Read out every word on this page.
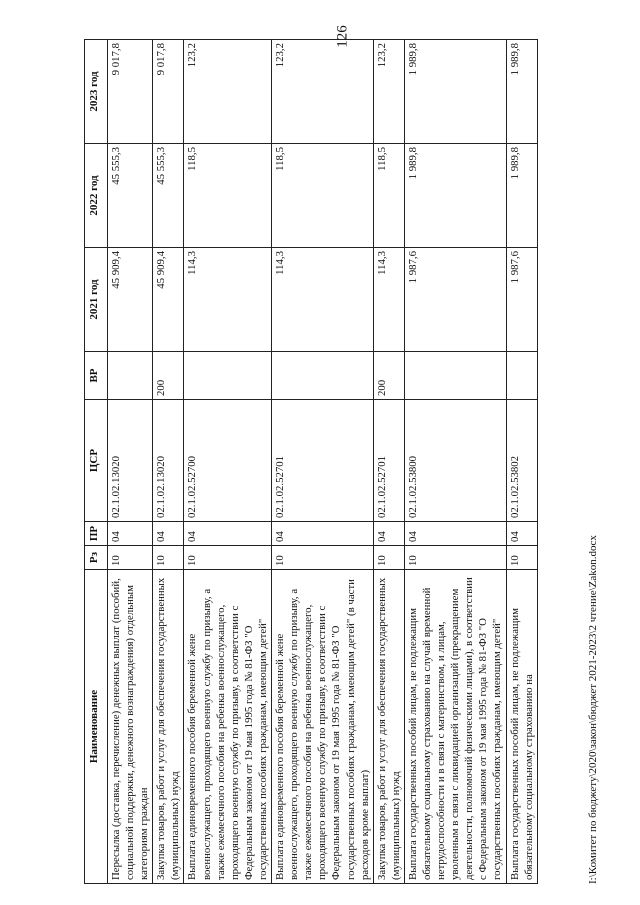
126
Наименование	Рз	ПР	ЦСР	ВР	2021 год	2022 год	2023 год
Пересылка (доставка, перечисление) денежных выплат (пособий, социальной поддержки, денежного вознаграждения) отдельным категориям граждан	10	04	02.1.02.13020		45 909,4	45 555,3	9 017,8
Закупка товаров, работ и услуг для обеспечения государственных (муниципальных) нужд	10	04	02.1.02.13020	200	45 909,4	45 555,3	9 017,8
Выплата единовременного пособия беременной жене военнослужащего, проходящего военную службу по призыву, а также ежемесячного пособия на ребенка военнослужащего, проходящего военную службу по призыву, в соответствии с Федеральным законом от 19 мая 1995 года № 81-ФЗ "О государственных пособиях гражданам, имеющим детей"	10	04	02.1.02.52700		114,3	118,5	123,2
Выплата единовременного пособия беременной жене военнослужащего, проходящего военную службу по призыву, а также ежемесячного пособия на ребенка военнослужащего, проходящего военную службу по призыву, в соответствии с Федеральным законом от 19 мая 1995 года № 81-ФЗ "О государственных пособиях гражданам, имеющим детей" (в части расходов кроме выплат)	10	04	02.1.02.52701		114,3	118,5	123,2
Закупка товаров, работ и услуг для обеспечения государственных (муниципальных) нужд	10	04	02.1.02.52701	200	114,3	118,5	123,2
Выплата государственных пособий лицам, не подлежащим обязательному социальному страхованию на случай временной нетрудоспособности и в связи с материнством, и лицам, уволенным в связи с ликвидацией организаций (прекращением деятельности, полномочий физическими лицами), в соответствии с Федеральным законом от 19 мая 1995 года № 81-ФЗ "О государственных пособиях гражданам, имеющим детей"	10	04	02.1.02.53800		1 987,6	1 989,8	1 989,8
Выплата государственных пособий лицам, не подлежащим обязательному социальному страхованию на	10	04	02.1.02.53802		1 987,6	1 989,8	1 989,8
I:\Комитет по бюджету\2020\закон\бюджет 2021-2023\2 чтение\Zakon.docx
